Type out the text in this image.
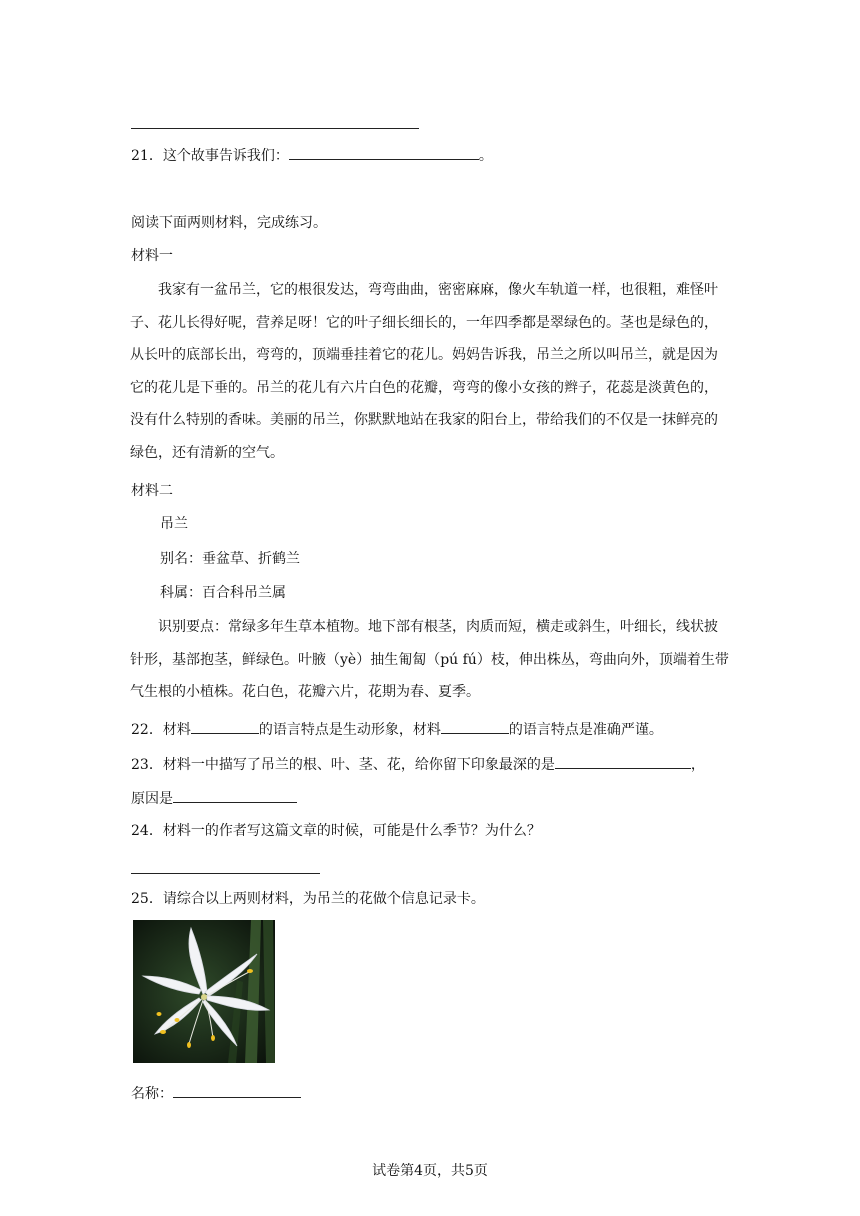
21．这个故事告诉我们：	。
阅读下面两则材料，完成练习。
材料一

我家有一盆吊兰，它的根很发达，弯弯曲曲，密密麻麻，像火车轨道一样，也很粗，难怪叶子、花儿长得好呢，营养足呀！它的叶子细长细长的，一年四季都是翠绿色的。茎也是绿色的，从长叶的底部长出，弯弯的，顶端垂挂着它的花儿。妈妈告诉我，吊兰之所以叫吊兰，就是因为它的花儿是下垂的。吊兰的花儿有六片白色的花瓣，弯弯的像小女孩的辫子，花蕊是淡黄色的，没有什么特别的香味。美丽的吊兰，你默默地站在我家的阳台上，带给我们的不仅是一抹鲜亮的绿色，还有清新的空气。

材料二
吊兰
别名：垂盆草、折鹤兰
科属：百合科吊兰属

识别要点：常绿多年生草本植物。地下部有根茎，肉质而短，横走或斜生，叶细长，线状披针形，基部抱茎，鲜绿色。叶腋（yè）抽生匍匐（pú fú）枝，伸出株丛，弯曲向外，顶端着生带气生根的小植株。花白色，花瓣六片，花期为春、夏季。

22．材料	的语言特点是生动形象，材料	的语言特点是准确严谨。
23．材料一中描写了吊兰的根、叶、茎、花，给你留下印象最深的是	，
原因是
24．材料一的作者写这篇文章的时候，可能是什么季节？为什么？
25．请综合以上两则材料，为吊兰的花做个信息记录卡。
名称：
试卷第4页，共5页
